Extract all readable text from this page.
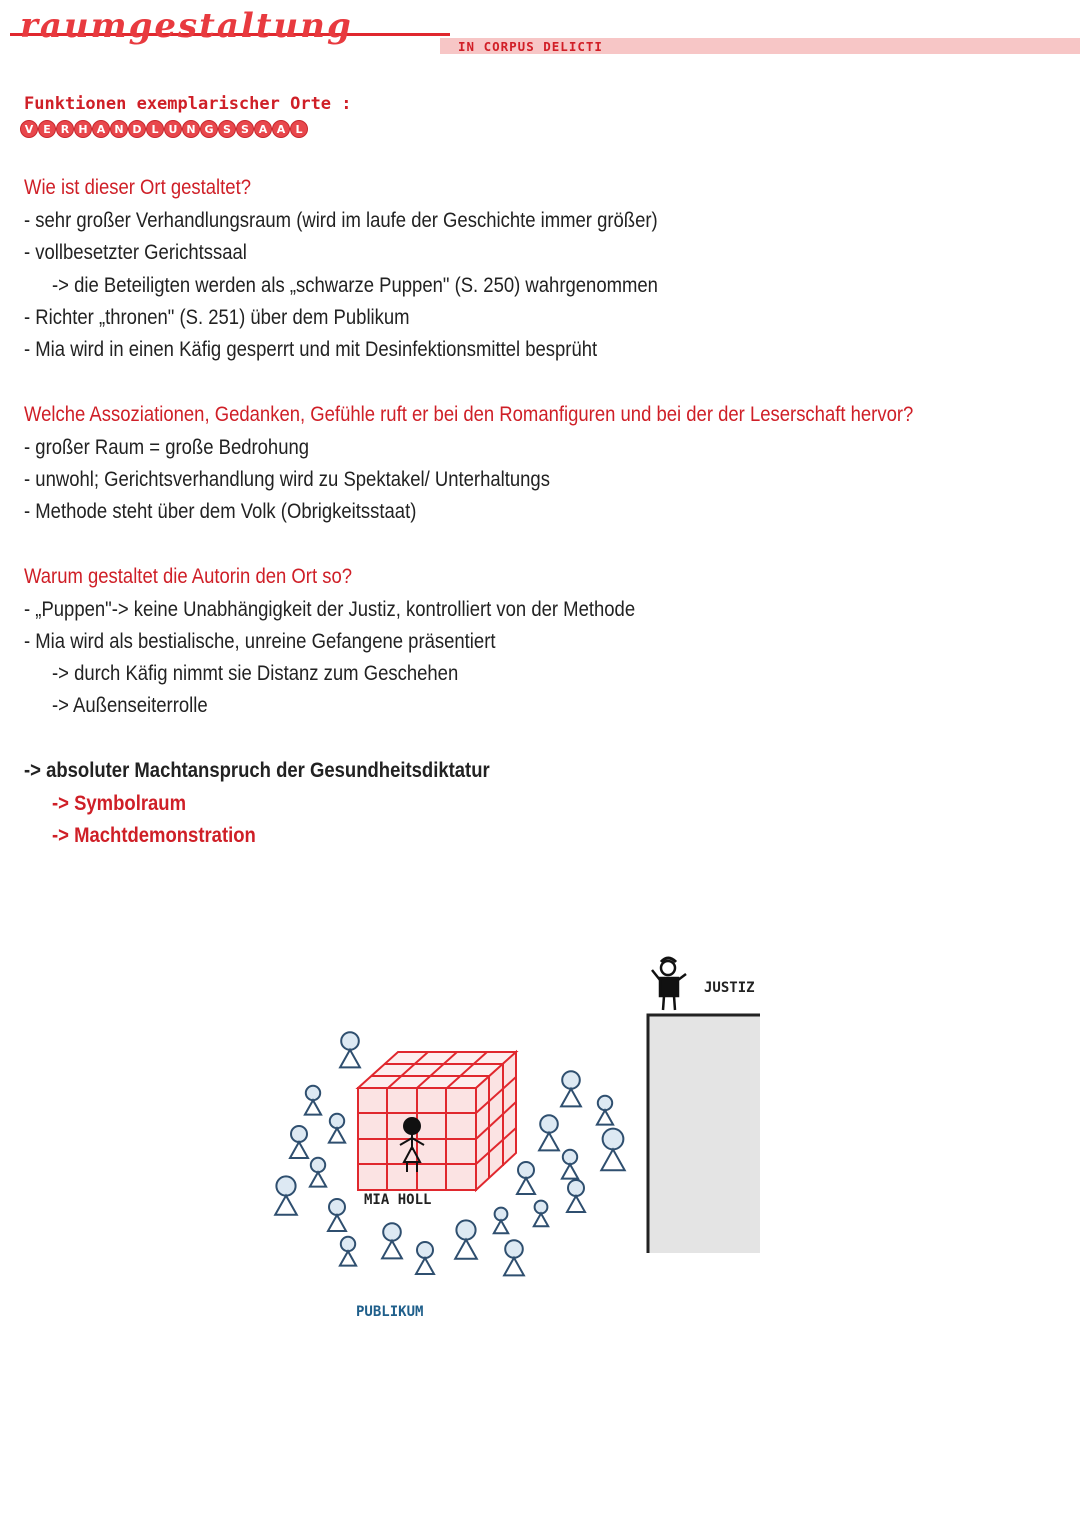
raumgestaltung
IN CORPUS DELICTI
Funktionen exemplarischer Orte :
V E R H A N D L U N G S S A A L
Wie ist dieser Ort gestaltet?
- sehr großer Verhandlungsraum (wird im laufe der Geschichte immer größer)
- vollbesetzter Gerichtssaal
-> die Beteiligten werden als „schwarze Puppen" (S. 250) wahrgenommen
- Richter „thronen" (S. 251) über dem Publikum
- Mia wird in einen Käfig gesperrt und mit Desinfektionsmittel besprüht
Welche Assoziationen, Gedanken, Gefühle ruft er bei den Romanfiguren und bei der der Leserschaft hervor?
- großer Raum = große Bedrohung
- unwohl; Gerichtsverhandlung wird zu Spektakel/ Unterhaltungs
- Methode steht über dem Volk (Obrigkeitsstaat)
Warum gestaltet die Autorin den Ort so?
- „Puppen"-> keine Unabhängigkeit der Justiz, kontrolliert von der Methode
- Mia wird als bestialische, unreine Gefangene präsentiert
-> durch Käfig nimmt sie Distanz zum Geschehen
-> Außenseiterrolle
-> absoluter Machtanspruch der Gesundheitsdiktatur
-> Symbolraum
-> Machtdemonstration
JUSTIZ
MIA HOLL
PUBLIKUM
